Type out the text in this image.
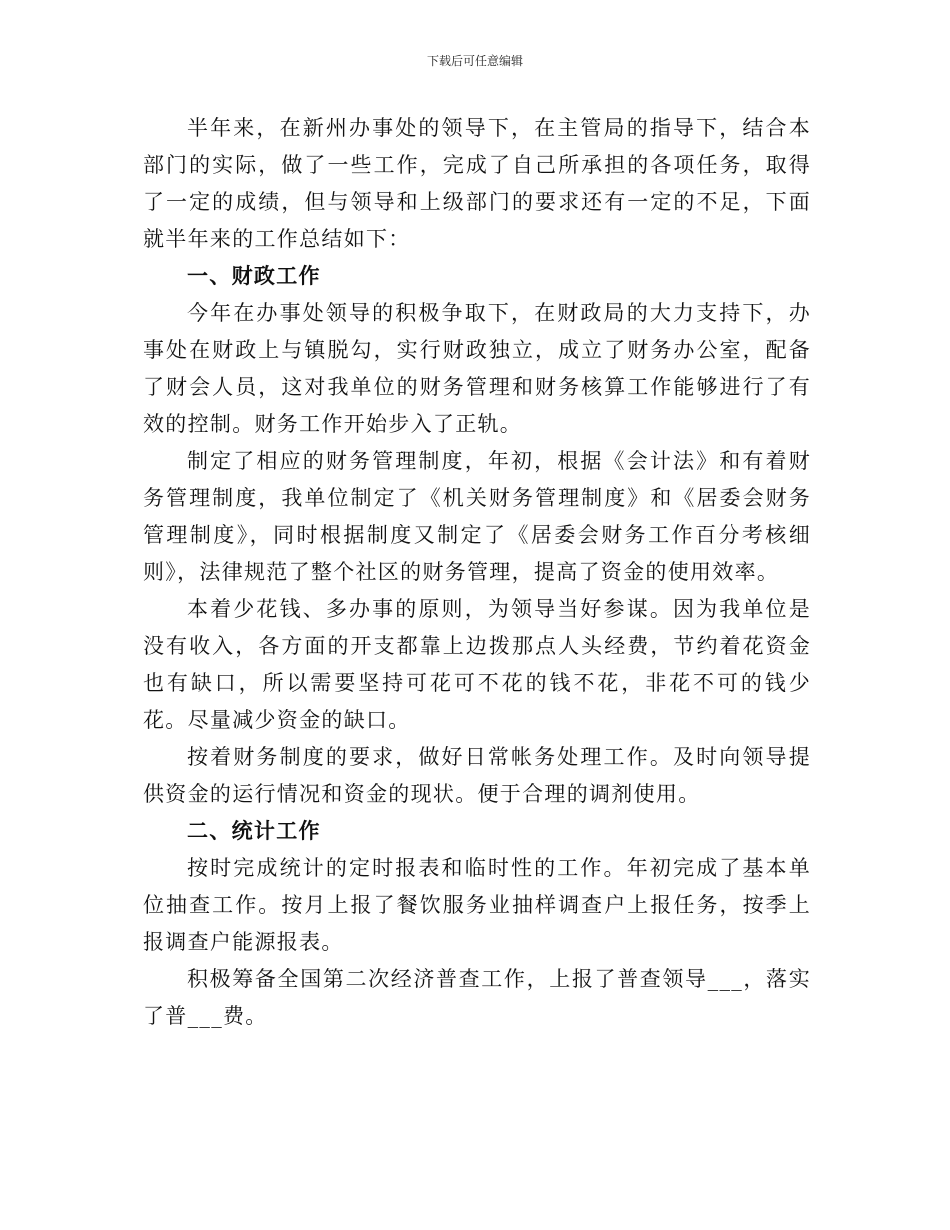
下载后可任意编辑

半年来，在新州办事处的领导下，在主管局的指导下，结合本部门的实际，做了一些工作，完成了自己所承担的各项任务，取得了一定的成绩，但与领导和上级部门的要求还有一定的不足，下面就半年来的工作总结如下：

一、财政工作

今年在办事处领导的积极争取下，在财政局的大力支持下，办事处在财政上与镇脱勾，实行财政独立，成立了财务办公室，配备了财会人员，这对我单位的财务管理和财务核算工作能够进行了有效的控制。财务工作开始步入了正轨。

制定了相应的财务管理制度，年初，根据《会计法》和有着财务管理制度，我单位制定了《机关财务管理制度》和《居委会财务管理制度》，同时根据制度又制定了《居委会财务工作百分考核细则》，法律规范了整个社区的财务管理，提高了资金的使用效率。

本着少花钱、多办事的原则，为领导当好参谋。因为我单位是没有收入，各方面的开支都靠上边拨那点人头经费，节约着花资金也有缺口，所以需要坚持可花可不花的钱不花，非花不可的钱少花。尽量减少资金的缺口。

按着财务制度的要求，做好日常帐务处理工作。及时向领导提供资金的运行情况和资金的现状。便于合理的调剂使用。

二、统计工作

按时完成统计的定时报表和临时性的工作。年初完成了基本单位抽查工作。按月上报了餐饮服务业抽样调查户上报任务，按季上报调查户能源报表。

积极筹备全国第二次经济普查工作，上报了普查领导___，落实了普___费。
